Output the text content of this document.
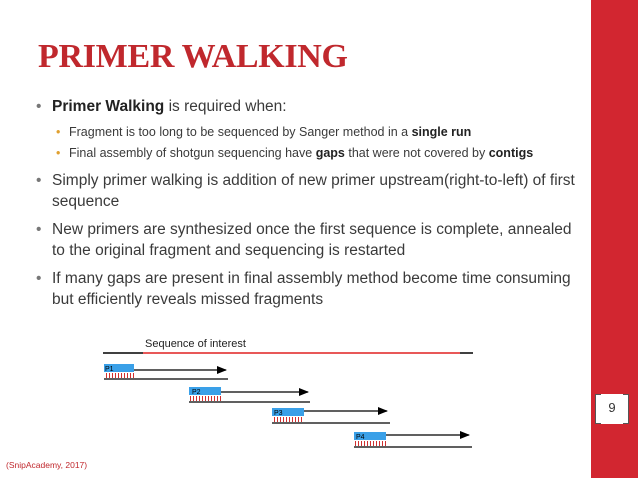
9
PRIMER WALKING
• Primer Walking is required when:
• Fragment is too long to be sequenced by Sanger method in a single run
• Final assembly of shotgun sequencing have gaps that were not covered by contigs
• Simply primer walking is addition of new primer upstream(right-to-left) of first sequence
• New primers are synthesized once the first sequence is complete, annealed to the original fragment and sequencing is restarted
• If many gaps are present in final assembly method become time consuming but efficiently reveals missed fragments
Sequence of interest
P1
P2
P3
P4
(SnipAcademy, 2017)
